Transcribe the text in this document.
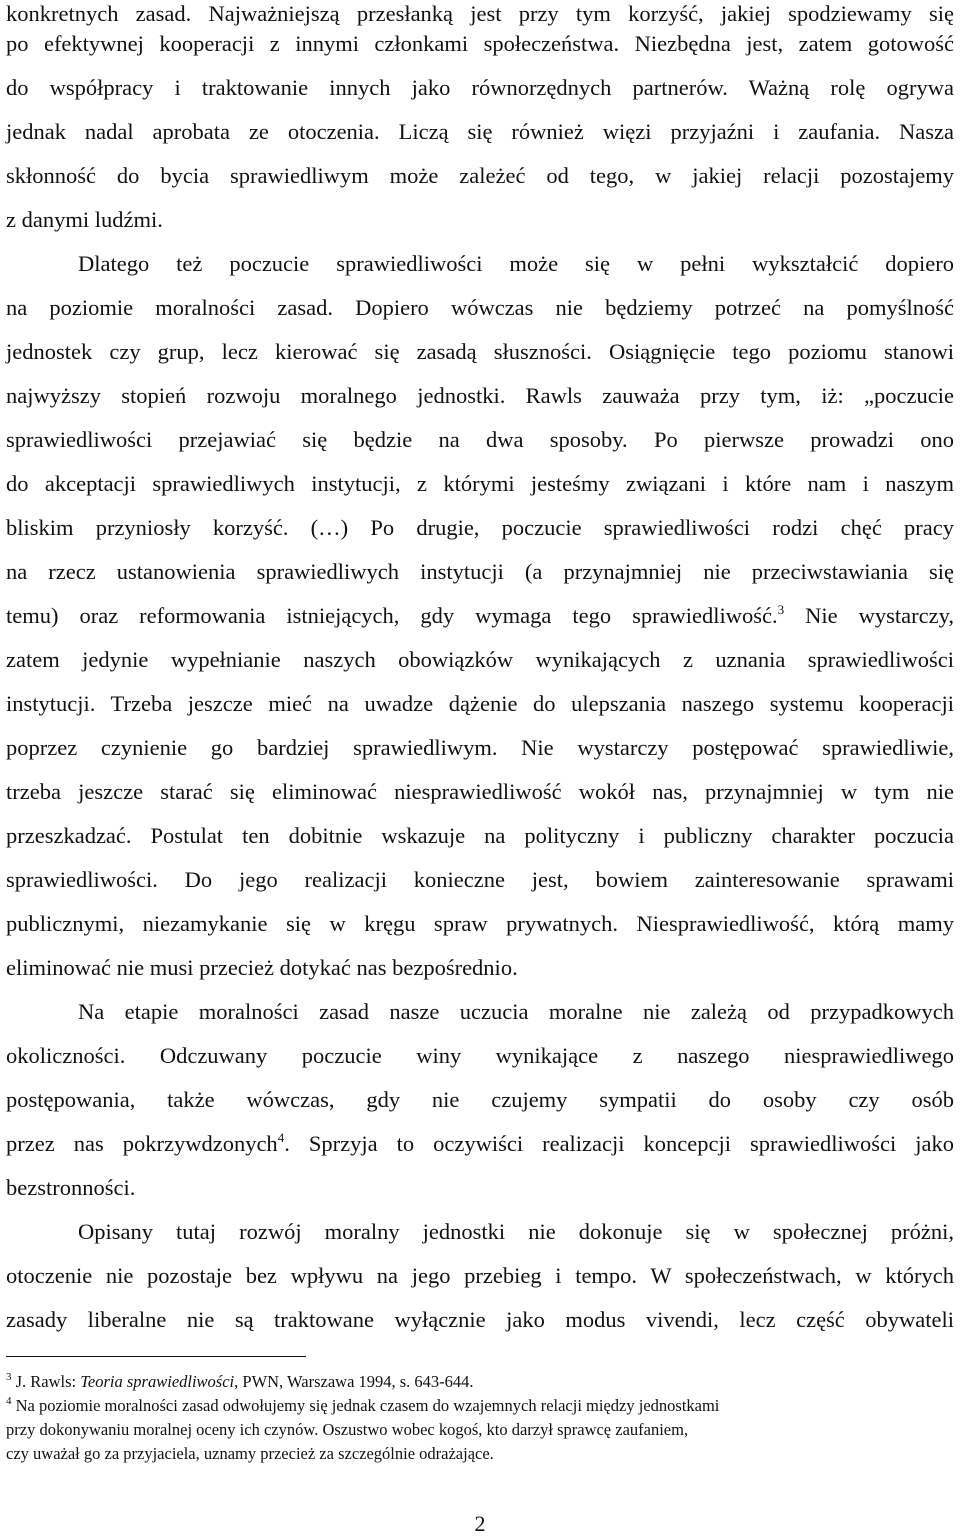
konkretnych zasad. Najważniejszą przesłanką jest przy tym korzyść, jakiej spodziewamy się
po efektywnej kooperacji z innymi członkami społeczeństwa. Niezbędna jest, zatem gotowość
do współpracy i traktowanie innych jako równorzędnych partnerów. Ważną rolę ogrywa
jednak nadal aprobata ze otoczenia. Liczą się również więzi przyjaźni i zaufania. Nasza
skłonność do bycia sprawiedliwym może zależeć od tego, w jakiej relacji pozostajemy
z danymi ludźmi.
Dlatego też poczucie sprawiedliwości może się w pełni wykształcić dopiero
na poziomie moralności zasad. Dopiero wówczas nie będziemy potrzeć na pomyślność
jednostek czy grup, lecz kierować się zasadą słuszności. Osiągnięcie tego poziomu stanowi
najwyższy stopień rozwoju moralnego jednostki. Rawls zauważa przy tym, iż: „poczucie
sprawiedliwości przejawiać się będzie na dwa sposoby. Po pierwsze prowadzi ono
do akceptacji sprawiedliwych instytucji, z którymi jesteśmy związani i które nam i naszym
bliskim przyniosły korzyść. (…) Po drugie, poczucie sprawiedliwości rodzi chęć pracy
na rzecz ustanowienia sprawiedliwych instytucji (a przynajmniej nie przeciwstawiania się
temu) oraz reformowania istniejących, gdy wymaga tego sprawiedliwość.$^3$ Nie wystarczy,
zatem jedynie wypełnianie naszych obowiązków wynikających z uznania sprawiedliwości
instytucji. Trzeba jeszcze mieć na uwadze dążenie do ulepszania naszego systemu kooperacji
poprzez czynienie go bardziej sprawiedliwym. Nie wystarczy postępować sprawiedliwie,
trzeba jeszcze starać się eliminować niesprawiedliwość wokół nas, przynajmniej w tym nie
przeszkadzać. Postulat ten dobitnie wskazuje na polityczny i publiczny charakter poczucia
sprawiedliwości. Do jego realizacji konieczne jest, bowiem zainteresowanie sprawami
publicznymi, niezamykanie się w kręgu spraw prywatnych. Niesprawiedliwość, którą mamy
eliminować nie musi przecież dotykać nas bezpośrednio.
Na etapie moralności zasad nasze uczucia moralne nie zależą od przypadkowych
okoliczności. Odczuwany poczucie winy wynikające z naszego niesprawiedliwego
postępowania, także wówczas, gdy nie czujemy sympatii do osoby czy osób
przez nas pokrzywdzonych$^4$. Sprzyja to oczywiści realizacji koncepcji sprawiedliwości jako
bezstronności.
Opisany tutaj rozwój moralny jednostki nie dokonuje się w społecznej próżni,
otoczenie nie pozostaje bez wpływu na jego przebieg i tempo. W społeczeństwach, w których
zasady liberalne nie są traktowane wyłącznie jako modus vivendi, lecz część obywateli
$^3$ J. Rawls: Teoria sprawiedliwości, PWN, Warszawa 1994, s. 643-644.
$^4$ Na poziomie moralności zasad odwołujemy się jednak czasem do wzajemnych relacji między jednostkami
przy dokonywaniu moralnej oceny ich czynów. Oszustwo wobec kogoś, kto darzył sprawcę zaufaniem,
czy uważał go za przyjaciela, uznamy przecież za szczególnie odrażające.
2
